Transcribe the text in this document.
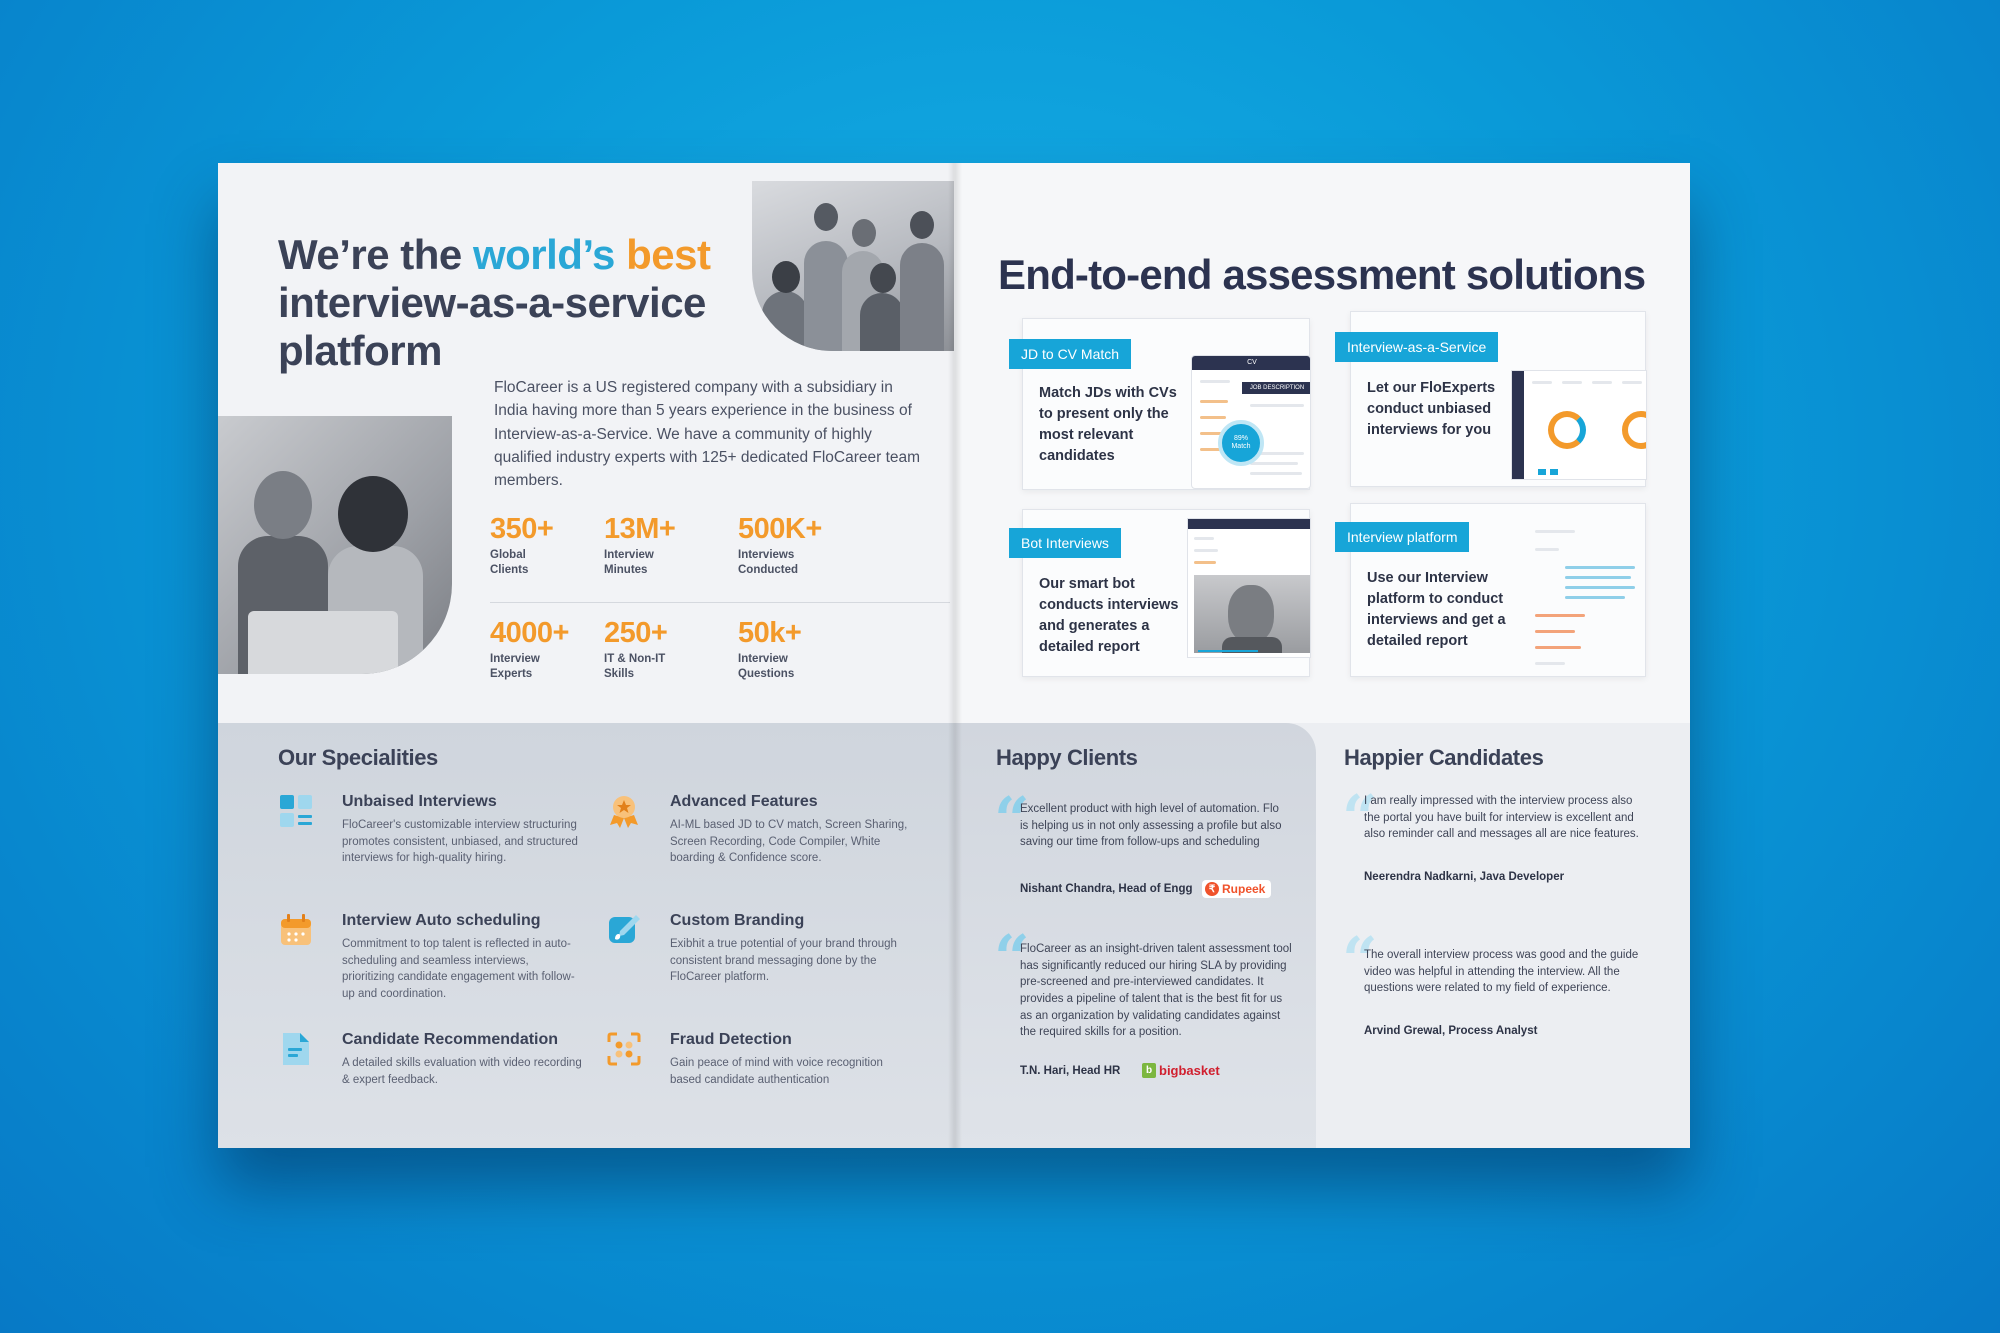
We’re the world’s best
interview-as-a-service
platform

FloCareer is a US registered company with a subsidiary in India having more than 5 years experience in the business of Interview-as-a-Service. We have a community of highly qualified industry experts with 125+ dedicated FloCareer team members.

350+
Global
Clients
13M+
Interview
Minutes
500K+
Interviews
Conducted
4000+
Interview
Experts
250+
IT & Non-IT
Skills
50k+
Interview
Questions
Our Specialities
Unbaised Interviews
FloCareer's customizable interview structuring promotes consistent, unbiased, and structured interviews for high-quality hiring.
Advanced Features
AI-ML based JD to CV match, Screen Sharing, Screen Recording, Code Compiler, White boarding & Confidence score.
Interview Auto scheduling
Commitment to top talent is reflected in auto-scheduling and seamless interviews, prioritizing candidate engagement with follow-up and coordination.
Custom Branding
Exibhit a true potential of your brand through consistent brand messaging done by the FloCareer platform.
Candidate Recommendation
A detailed skills evaluation with video recording & expert feedback.
Fraud Detection
Gain peace of mind with voice recognition based candidate authentication
End-to-end assessment solutions
JD to CV Match
Match JDs with CVs to present only the most relevant candidates
CV
JOB DESCRIPTION
89%
Match
Interview-as-a-Service
Let our FloExperts conduct unbiased interviews for you
Bot Interviews
Our smart bot conducts interviews and generates a detailed report
Interview platform
Use our Interview platform to conduct interviews and get a detailed report
Happy Clients
“
Excellent product with high level of automation. Flo is helping us in not only assessing a profile but also saving our time from follow-ups and scheduling
Nishant Chandra, Head of Engg	₹ Rupeek
“
FloCareer as an insight-driven talent assessment tool has significantly reduced our hiring SLA by providing pre-screened and pre-interviewed candidates. It provides a pipeline of talent that is the best fit for us as an organization by validating candidates against the required skills for a position.
T.N. Hari, Head HR	b bigbasket
Happier Candidates
“
I am really impressed with the interview process also the portal you have built for interview is excellent and also reminder call and messages all are nice features.
Neerendra Nadkarni, Java Developer
“
The overall interview process was good and the guide video was helpful in attending the interview. All the questions were related to my field of experience.
Arvind Grewal, Process Analyst
